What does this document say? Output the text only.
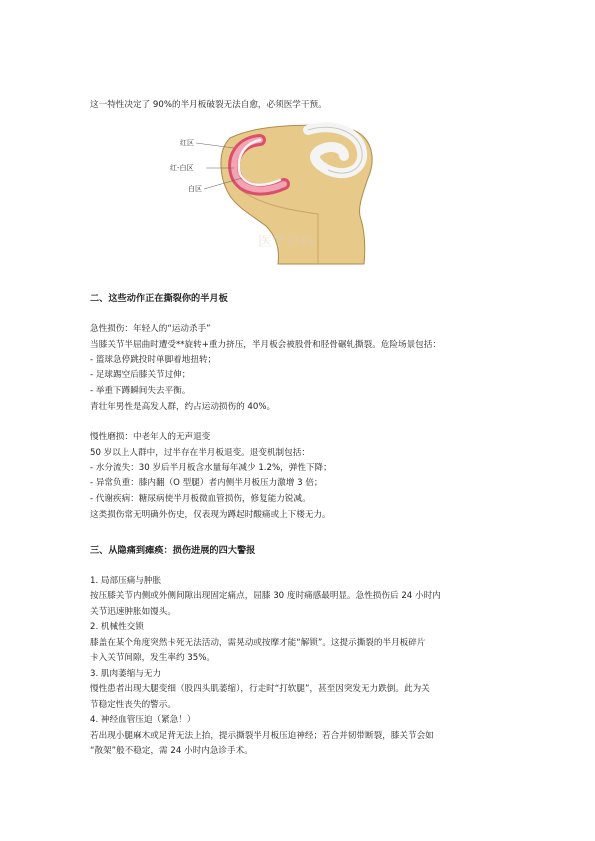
这一特性决定了 90%的半月板破裂无法自愈，必须医学干预。

红区
红-白区
白区
医学百科

二、这些动作正在撕裂你的半月板

急性损伤：年轻人的“运动杀手”

当膝关节半屈曲时遭受**旋转+重力挤压，半月板会被股骨和胫骨碾轧撕裂。危险场景包括：

- 篮球急停跳投时单脚着地扭转；

- 足球踢空后膝关节过伸；

- 举重下蹲瞬间失去平衡。

青壮年男性是高发人群，约占运动损伤的 40%。

慢性磨损：中老年人的无声退变

50 岁以上人群中，过半存在半月板退变。退变机制包括：

- 水分流失：30 岁后半月板含水量每年减少 1.2%，弹性下降；

- 异常负重：膝内翻（O 型腿）者内侧半月板压力激增 3 倍；

- 代谢疾病：糖尿病使半月板微血管损伤，修复能力锐减。

这类损伤常无明确外伤史，仅表现为蹲起时酸痛或上下楼无力。

三、从隐痛到瘫痪：损伤进展的四大警报

1. 局部压痛与肿胀

按压膝关节内侧或外侧间隙出现固定痛点，屈膝 30 度时痛感最明显。急性损伤后 24 小时内

关节迅速肿胀如馒头。

2. 机械性交锁

膝盖在某个角度突然卡死无法活动，需晃动或按摩才能“解锁”。这提示撕裂的半月板碎片

卡入关节间隙，发生率约 35%。

3. 肌肉萎缩与无力

慢性患者出现大腿变细（股四头肌萎缩），行走时“打软腿”，甚至因突发无力跌倒。此为关

节稳定性丧失的警示。

4. 神经血管压迫（紧急！）

若出现小腿麻木或足背无法上抬，提示撕裂半月板压迫神经；若合并韧带断裂，膝关节会如

“散架”般不稳定，需 24 小时内急诊手术。
